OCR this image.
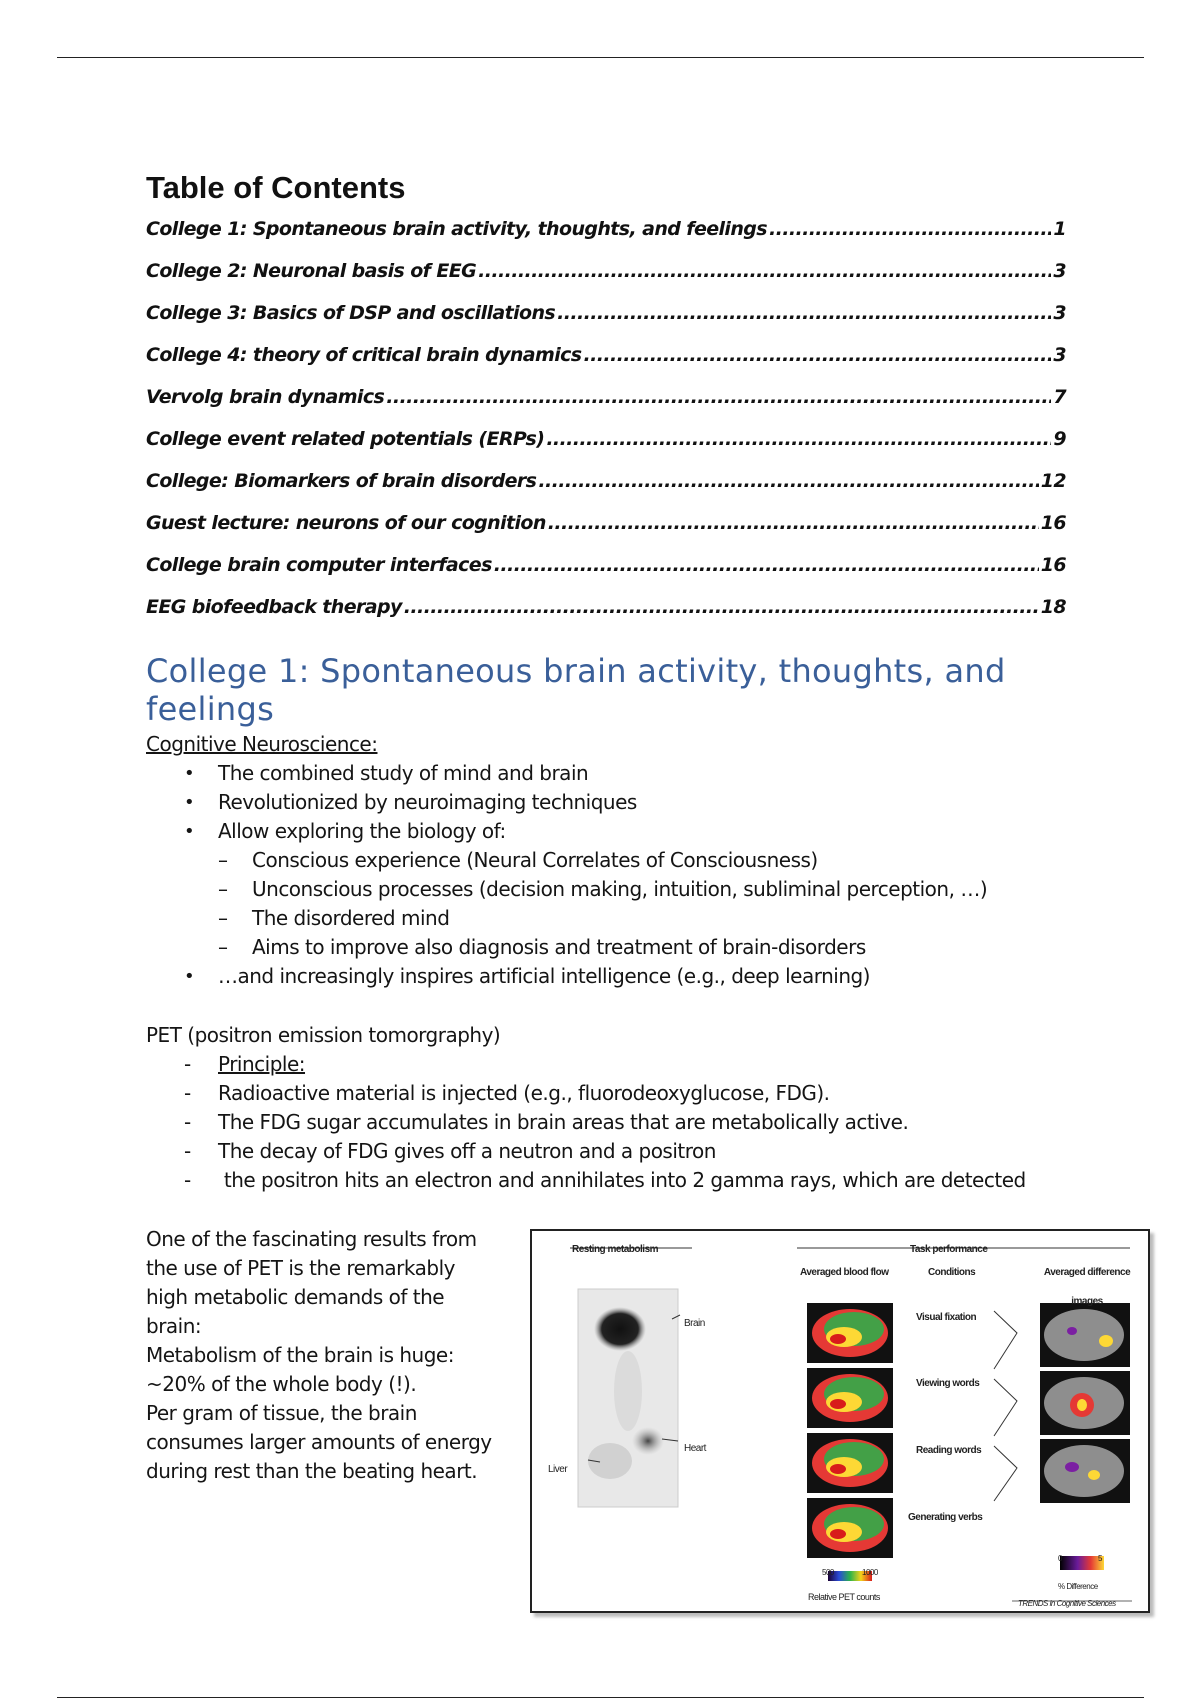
Table of Contents
College 1: Spontaneous brain activity, thoughts, and feelings .....	1
College 2: Neuronal basis of EEG .....	3
College 3: Basics of DSP and oscillations .....	3
College 4: theory of critical brain dynamics .....	3
Vervolg brain dynamics .....	7
College event related potentials (ERPs) .....	9
College: Biomarkers of brain disorders .....	12
Guest lecture: neurons of our cognition .....	16
College brain computer interfaces .....	16
EEG biofeedback therapy .....	18
College 1: Spontaneous brain activity, thoughts, and
feelings
Cognitive Neuroscience:
• The combined study of mind and brain
• Revolutionized by neuroimaging techniques
• Allow exploring the biology of:
– Conscious experience (Neural Correlates of Consciousness)
– Unconscious processes (decision making, intuition, subliminal perception, …)
– The disordered mind
– Aims to improve also diagnosis and treatment of brain-disorders
• …and increasingly inspires artificial intelligence (e.g., deep learning)
PET (positron emission tomorgraphy)
- Principle:
- Radioactive material is injected (e.g., fluorodeoxyglucose, FDG).
- The FDG sugar accumulates in brain areas that are metabolically active.
- The decay of FDG gives off a neutron and a positron
-  the positron hits an electron and annihilates into 2 gamma rays, which are detected
One of the fascinating results from
the use of PET is the remarkably
high metabolic demands of the
brain:
Metabolism of the brain is huge:
~20% of the whole body (!).
Per gram of tissue, the brain
consumes larger amounts of energy
during rest than the beating heart.
Resting metabolism	Task performance
Averaged blood flow	Conditions	Averaged difference
images
Brain
Heart
Liver
Visual fixation
Viewing words
Reading words
Generating verbs
500	1000
Relative PET counts
0	5
% Difference
TRENDS in Cognitive Sciences
